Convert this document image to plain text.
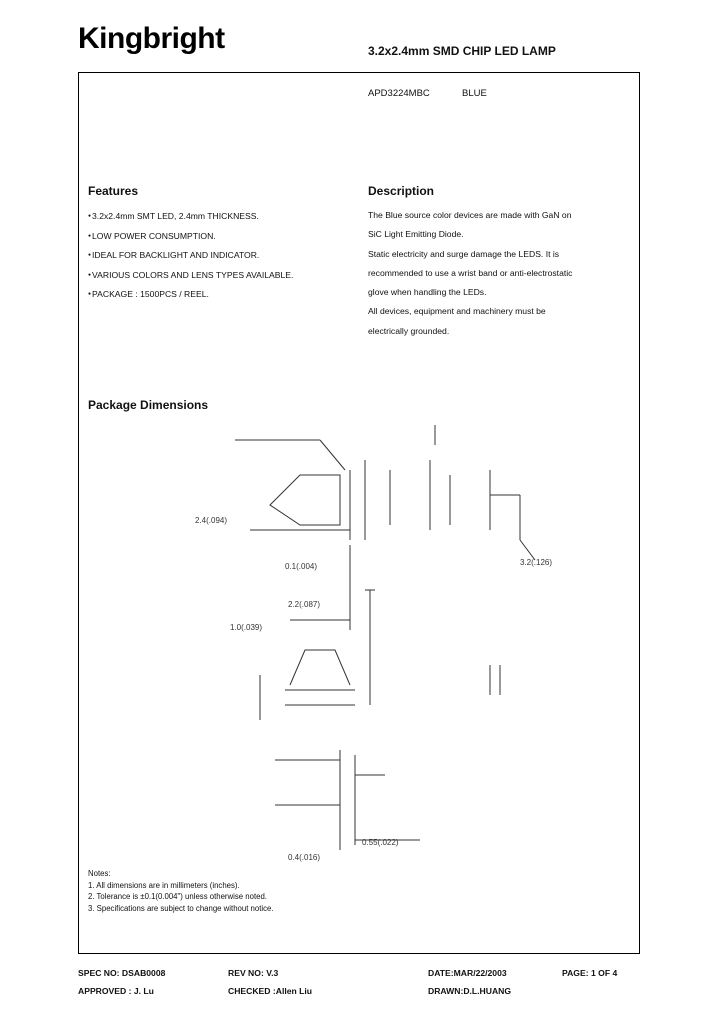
Kingbright	3.2x2.4mm SMD CHIP LED LAMP
APD3224MBC	BLUE
Features
● 3.2x2.4mm SMT LED, 2.4mm THICKNESS.
● LOW POWER CONSUMPTION.
● IDEAL FOR BACKLIGHT AND INDICATOR.
● VARIOUS COLORS AND LENS TYPES AVAILABLE.
● PACKAGE : 1500PCS / REEL.
Description
The Blue source color devices are made with GaN on
SiC Light Emitting Diode.
Static electricity and surge damage the LEDS. It is
recommended to use a wrist band or anti-electrostatic
glove when handling the LEDs.
All devices, equipment and machinery must be
electrically grounded.
Package Dimensions
0.1(.004)
2.2(.087)
1.0(.039)
0.55(.022)
3.2(.126)
2.4(.094)
0.4(.016)
Notes:
1. All dimensions are in millimeters (inches).
2. Tolerance is ±0.1(0.004") unless otherwise noted.
3. Specifications are subject to change without notice.
SPEC NO: DSAB0008	REV NO: V.3	DATE:MAR/22/2003	PAGE: 1 OF 4
APPROVED : J. Lu	CHECKED :Allen Liu	DRAWN:D.L.HUANG
